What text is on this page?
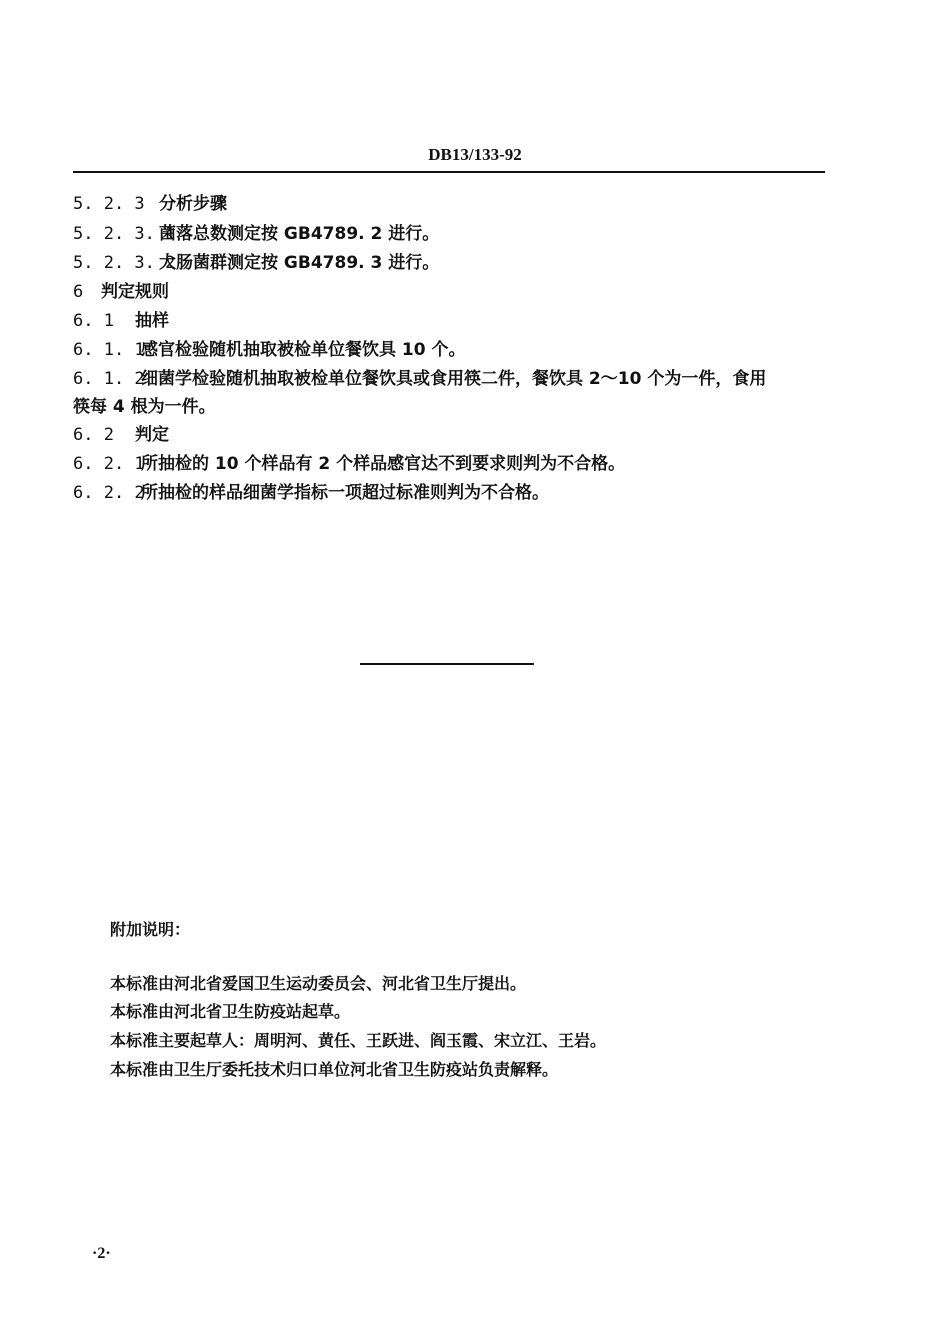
DB13/133-92
5. 2. 3 分析步骤
5. 2. 3. 1菌落总数测定按 GB4789. 2 进行。
5. 2. 3. 2大肠菌群测定按 GB4789. 3 进行。
6 判定规则
6. 1 抽样
6. 1. 1感官检验随机抽取被检单位餐饮具 10 个。
6. 1. 2细菌学检验随机抽取被检单位餐饮具或食用筷二件，餐饮具 2～10 个为一件，食用
筷每 4 根为一件。
6. 2 判定
6. 2. 1所抽检的 10 个样品有 2 个样品感官达不到要求则判为不合格。
6. 2. 2所抽检的样品细菌学指标一项超过标准则判为不合格。
附加说明：
本标准由河北省爱国卫生运动委员会、河北省卫生厅提出。
本标准由河北省卫生防疫站起草。
本标准主要起草人：周明河、黄任、王跃进、阎玉霞、宋立江、王岩。
本标准由卫生厅委托技术归口单位河北省卫生防疫站负责解释。
·2·
